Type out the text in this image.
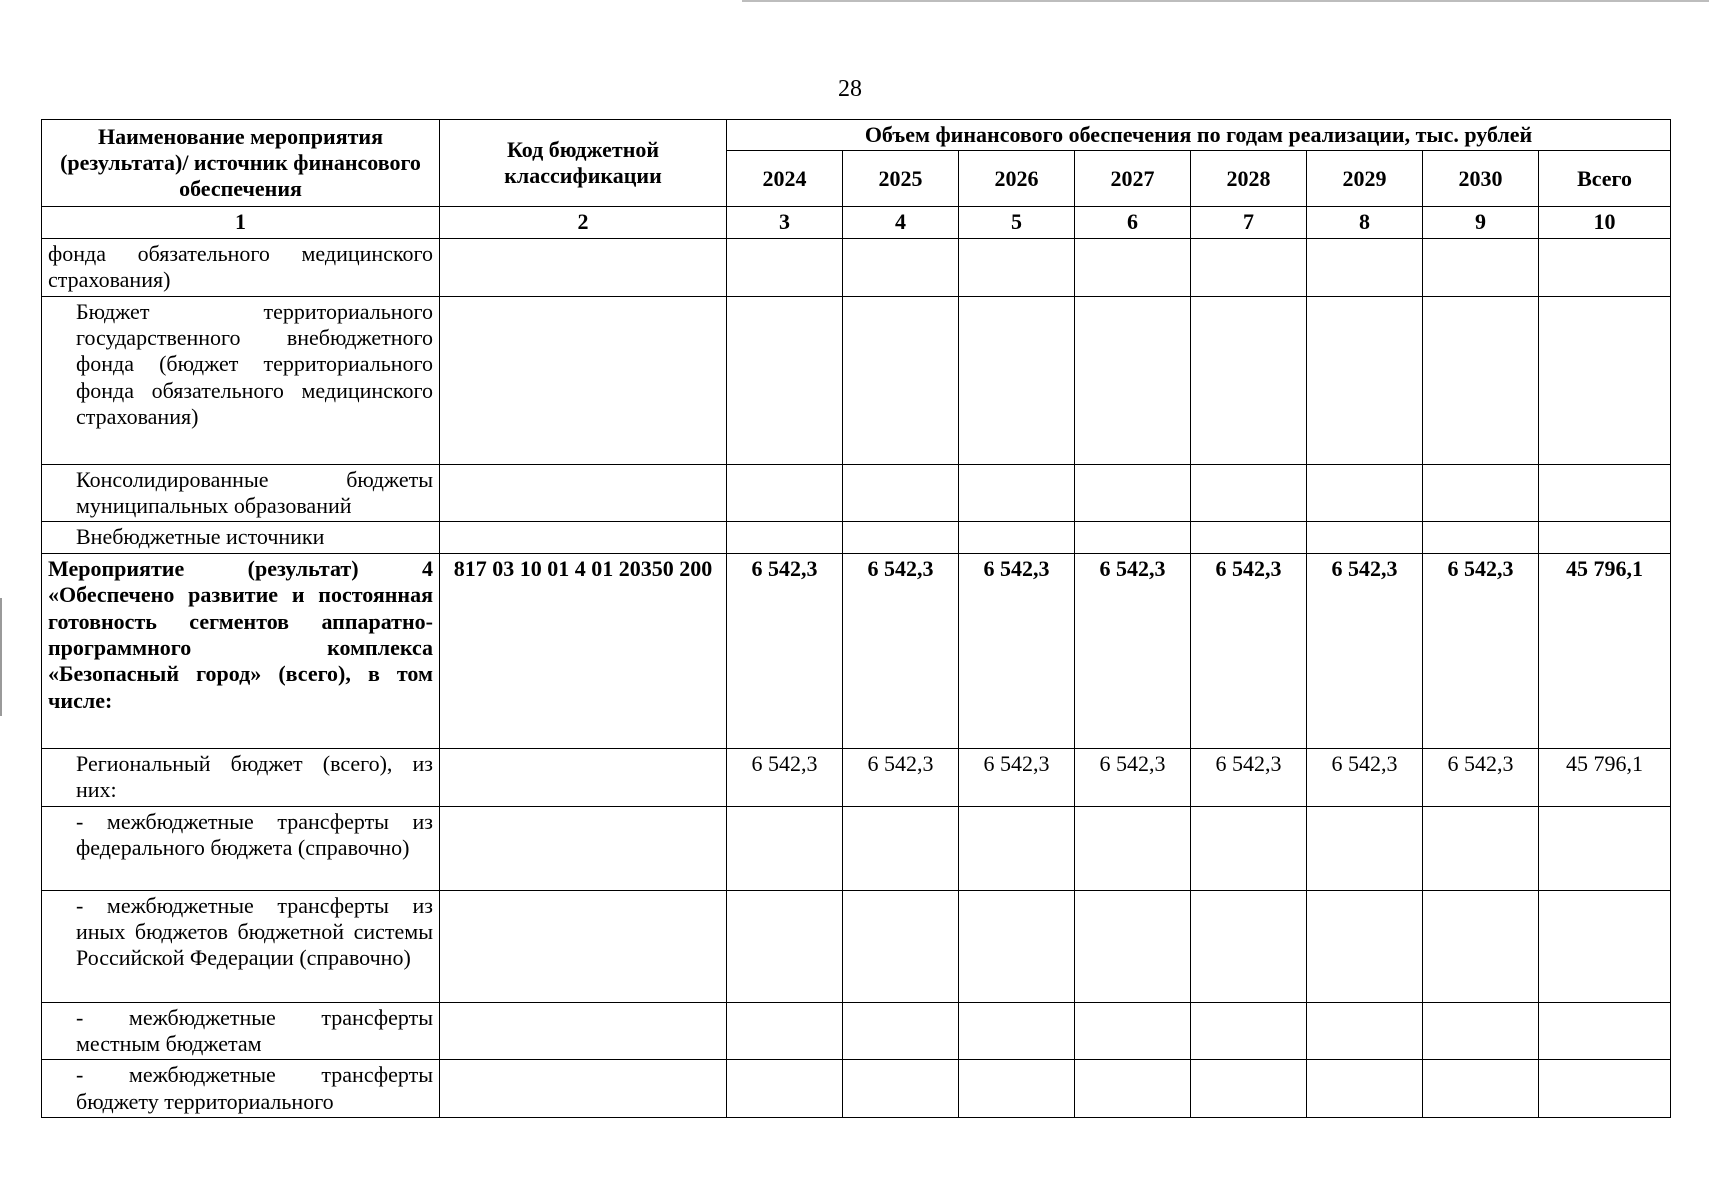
28
Наименование мероприятия (результата)/ источник финансового обеспечения	Код бюджетной классификации	Объем финансового обеспечения по годам реализации, тыс. рублей							
		2024	2025	2026	2027	2028	2029	2030	Всего
1	2	3	4	5	6	7	8	9	10
фонда обязательного медицинского страхования)									

Бюджет территориального государственного внебюджетного фонда (бюджет территориального фонда обязательного медицинского страхования)									

Консолидированные бюджеты муниципальных образований									

Внебюджетные источники									

Мероприятие (результат) 4 «Обеспечено развитие и постоянная готовность сегментов аппаратно-программного комплекса «Безопасный город» (всего), в том числе:	817 03 10 01 4 01 20350 200	6 542,3	6 542,3	6 542,3	6 542,3	6 542,3	6 542,3	6 542,3	45 796,1

Региональный бюджет (всего), из них:		6 542,3	6 542,3	6 542,3	6 542,3	6 542,3	6 542,3	6 542,3	45 796,1

- межбюджетные трансферты из федерального бюджета (справочно)									

- межбюджетные трансферты из иных бюджетов бюджетной системы Российской Федерации (справочно)									

- межбюджетные трансферты местным бюджетам									

- межбюджетные трансферты бюджету территориального									
